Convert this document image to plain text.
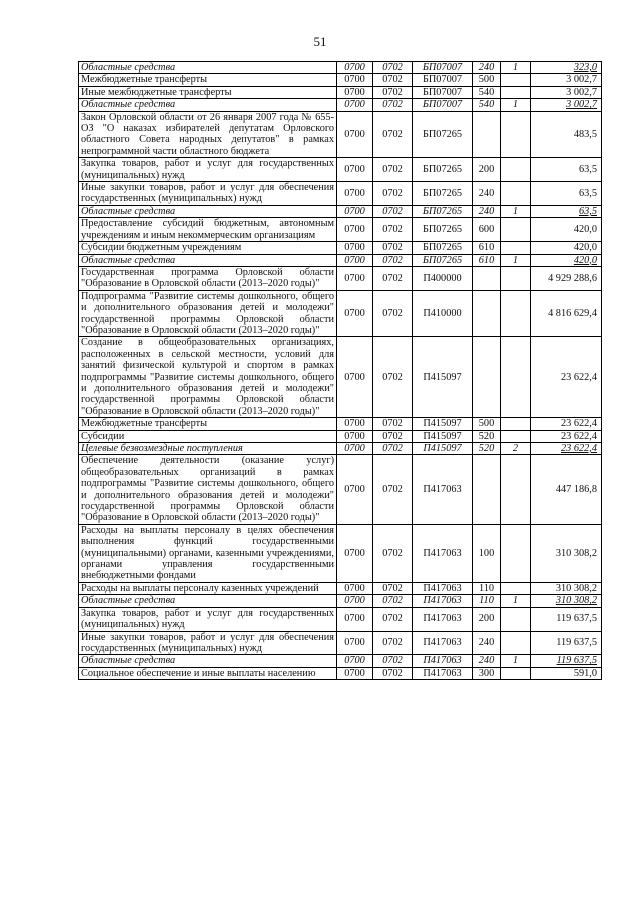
51
Областные средства	0700	0702	БП07007	240	1	323,0
Межбюджетные трансферты	0700	0702	БП07007	500		3 002,7
Иные межбюджетные трансферты	0700	0702	БП07007	540		3 002,7
Областные средства	0700	0702	БП07007	540	1	3 002,7
Закон Орловской области от 26 января 2007 года № 655-ОЗ "О наказах избирателей депутатам Орловского областного Совета народных депутатов" в рамках непрограммной части областного бюджета	0700	0702	БП07265			483,5
Закупка товаров, работ и услуг для государственных (муниципальных) нужд	0700	0702	БП07265	200		63,5
Иные закупки товаров, работ и услуг для обеспечения государственных (муниципальных) нужд	0700	0702	БП07265	240		63,5
Областные средства	0700	0702	БП07265	240	1	63,5
Предоставление субсидий бюджетным, автономным учреждениям и иным некоммерческим организациям	0700	0702	БП07265	600		420,0
Субсидии бюджетным учреждениям	0700	0702	БП07265	610		420,0
Областные средства	0700	0702	БП07265	610	1	420,0
Государственная программа Орловской области "Образование в Орловской области (2013–2020 годы)"	0700	0702	П400000			4 929 288,6
Подпрограмма "Развитие системы дошкольного, общего и дополнительного образования детей и молодежи" государственной программы Орловской области "Образование в Орловской области (2013–2020 годы)"	0700	0702	П410000			4 816 629,4
Создание в общеобразовательных организациях, расположенных в сельской местности, условий для занятий физической культурой и спортом в рамках подпрограммы "Развитие системы дошкольного, общего и дополнительного образования детей и молодежи" государственной программы Орловской области "Образование в Орловской области (2013–2020 годы)"	0700	0702	П415097			23 622,4
Межбюджетные трансферты	0700	0702	П415097	500		23 622,4
Субсидии	0700	0702	П415097	520		23 622,4
Целевые безвозмездные поступления	0700	0702	П415097	520	2	23 622,4
Обеспечение деятельности (оказание услуг) общеобразовательных организаций в рамках подпрограммы "Развитие системы дошкольного, общего и дополнительного образования детей и молодежи" государственной программы Орловской области "Образование в Орловской области (2013–2020 годы)"	0700	0702	П417063			447 186,8
Расходы на выплаты персоналу в целях обеспечения выполнения функций государственными (муниципальными) органами, казенными учреждениями, органами управления государственными внебюджетными фондами	0700	0702	П417063	100		310 308,2
Расходы на выплаты персоналу казенных учреждений	0700	0702	П417063	110		310 308,2
Областные средства	0700	0702	П417063	110	1	310 308,2
Закупка товаров, работ и услуг для государственных (муниципальных) нужд	0700	0702	П417063	200		119 637,5
Иные закупки товаров, работ и услуг для обеспечения государственных (муниципальных) нужд	0700	0702	П417063	240		119 637,5
Областные средства	0700	0702	П417063	240	1	119 637,5
Социальное обеспечение и иные выплаты населению	0700	0702	П417063	300		591,0
